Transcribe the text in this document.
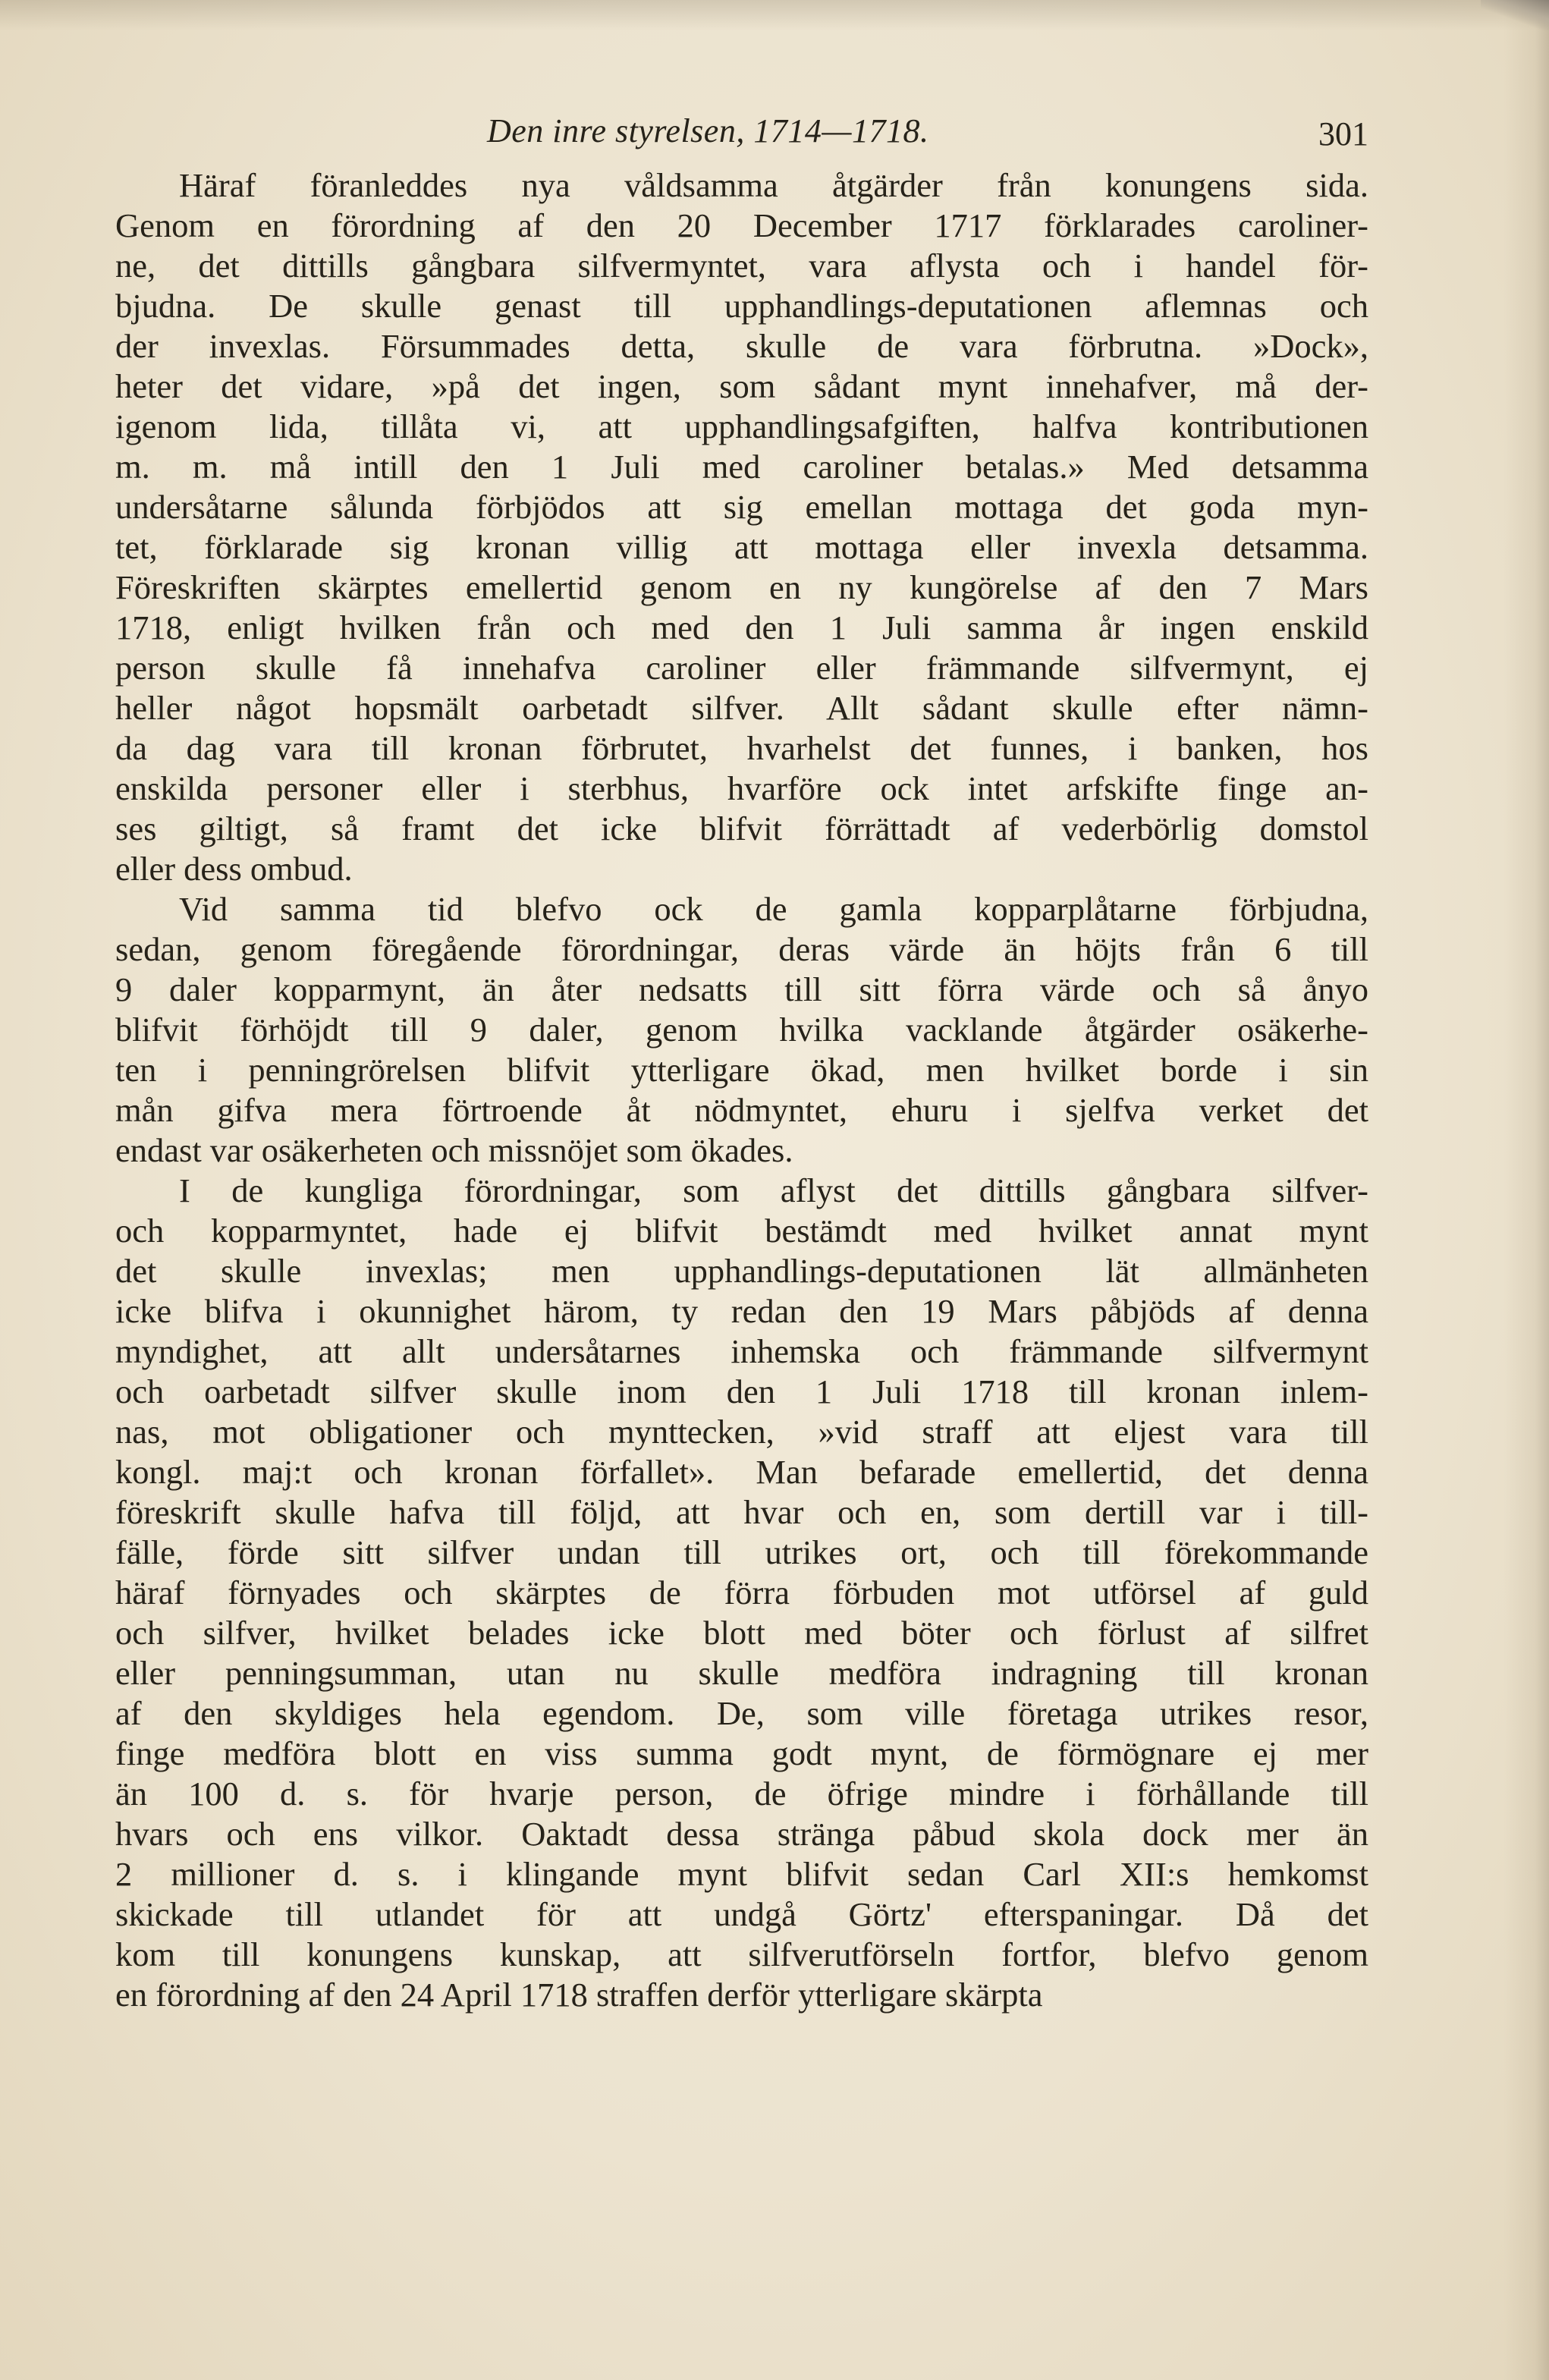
Den inre styrelsen, 1714—1718.	301
Häraf föranleddes nya våldsamma åtgärder från konungens sida.
Genom en förordning af den 20 December 1717 förklarades caroliner-
ne, det dittills gångbara silfvermyntet, vara aflysta och i handel för-
bjudna. De skulle genast till upphandlings-deputationen aflemnas och
der invexlas. Försummades detta, skulle de vara förbrutna. »Dock»,
heter det vidare, »på det ingen, som sådant mynt innehafver, må der-
igenom lida, tillåta vi, att upphandlingsafgiften, halfva kontributionen
m. m. må intill den 1 Juli med caroliner betalas.» Med detsamma
undersåtarne sålunda förbjödos att sig emellan mottaga det goda myn-
tet, förklarade sig kronan villig att mottaga eller invexla detsamma.
Föreskriften skärptes emellertid genom en ny kungörelse af den 7 Mars
1718, enligt hvilken från och med den 1 Juli samma år ingen enskild
person skulle få innehafva caroliner eller främmande silfvermynt, ej
heller något hopsmält oarbetadt silfver. Allt sådant skulle efter nämn-
da dag vara till kronan förbrutet, hvarhelst det funnes, i banken, hos
enskilda personer eller i sterbhus, hvarföre ock intet arfskifte finge an-
ses giltigt, så framt det icke blifvit förrättadt af vederbörlig domstol
eller dess ombud.
Vid samma tid blefvo ock de gamla kopparplåtarne förbjudna,
sedan, genom föregående förordningar, deras värde än höjts från 6 till
9 daler kopparmynt, än åter nedsatts till sitt förra värde och så ånyo
blifvit förhöjdt till 9 daler, genom hvilka vacklande åtgärder osäkerhe-
ten i penningrörelsen blifvit ytterligare ökad, men hvilket borde i sin
mån gifva mera förtroende åt nödmyntet, ehuru i sjelfva verket det
endast var osäkerheten och missnöjet som ökades.
I de kungliga förordningar, som aflyst det dittills gångbara silfver-
och kopparmyntet, hade ej blifvit bestämdt med hvilket annat mynt
det skulle invexlas; men upphandlings-deputationen lät allmänheten
icke blifva i okunnighet härom, ty redan den 19 Mars påbjöds af denna
myndighet, att allt undersåtarnes inhemska och främmande silfvermynt
och oarbetadt silfver skulle inom den 1 Juli 1718 till kronan inlem-
nas, mot obligationer och mynttecken, »vid straff att eljest vara till
kongl. maj:t och kronan förfallet». Man befarade emellertid, det denna
föreskrift skulle hafva till följd, att hvar och en, som dertill var i till-
fälle, förde sitt silfver undan till utrikes ort, och till förekommande
häraf förnyades och skärptes de förra förbuden mot utförsel af guld
och silfver, hvilket belades icke blott med böter och förlust af silfret
eller penningsumman, utan nu skulle medföra indragning till kronan
af den skyldiges hela egendom. De, som ville företaga utrikes resor,
finge medföra blott en viss summa godt mynt, de förmögnare ej mer
än 100 d. s. för hvarje person, de öfrige mindre i förhållande till
hvars och ens vilkor. Oaktadt dessa stränga påbud skola dock mer än
2 millioner d. s. i klingande mynt blifvit sedan Carl XII:s hemkomst
skickade till utlandet för att undgå Görtz' efterspaningar. Då det
kom till konungens kunskap, att silfverutförseln fortfor, blefvo genom
en förordning af den 24 April 1718 straffen derför ytterligare skärpta
